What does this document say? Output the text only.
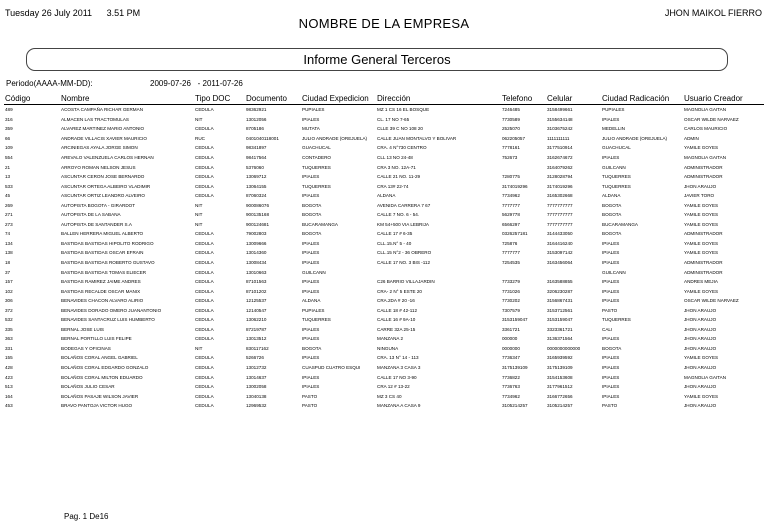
Tuesday 26 July 2011 3.51 PM
NOMBRE DE LA EMPRESA
JHON MAIKOL FIERRO
Informe General Terceros
Periodo(AAAA-MM-DD):	2009-07-26 - 2011-07-26
Código	Nombre	Tipo DOC	Documento	Ciudad Expedicion	Dirección	Telefono	Celular	Ciudad Radicación	Usuario Creador
489	ACOSTA CAMPAÑA RICHAR GERMAN	CEDULA	98362921	PUPIALES	MZ 1 CS 16 EL BOSQUE	7246485	3158499661	PUPIALES	MAGNOLIA GAITAN
316	ALMACEN LAS TRACTOMULAS	NIT	13012056	IPIALES	CL. 17 NO 7-65	7730589	3155634148	IPIALES	OSCAR WILDE NARVAEZ
359	ALVAREZ MARTINEZ MARIO ANTONIO	CEDULA	8705186	MUTATA	CLLE 39 C NO 108 20	2525070	3103675242	MEDELLIN	CARLOS MAURICIO
66	ANDRADE VILLACIS XAVIER MAURICIO	RUC	0401040118001	JULIO ANDRADE (OREJUELA)	CALLE JUAN MONTALVO Y BOLIVAR	062205057	1111111111	JULIO ANDRADE (OREJUELA)	ADMIN
109	ARCINIEGAS AYALA JORGE SIMON	CEDULA	98341897	GUACHUCAL	CRA. 4 N°730 CENTRO	7778161	3177510914	GUACHUCAL	YAMILE GOYES
554	AREVALO VALENZUELA CARLOS HERNAN	CEDULA	98417564	CONTADERO	CLL 13 NO 24-48	752673	3162674672	IPIALES	MAGNOLIA GAITAN
21	ARROYO ROMAN NELSON JESUS	CEDULA	5376060	TUQUERRES	CRA 3 NO. 12A-71		3164079262	GUILCANN	ADMINISTRADOR
13	ASCUNTAR CERON JOSE BERNARDO	CEDULA	13069712	IPIALES	CALLE 21 NO. 11-29	7280775	3128028794	TUQUERRES	ADMINISTRADOR
533	ASCUNTAR ORTEGA ALBEIRO VLADIMIR	CEDULA	13064155	TUQUERRES	CRA 13# 22-74	3174019296	3174019296	TUQUERRES	JHON ARAUJO
45	ASCUNTAR ORTIZ LEANDRO ALVEIRO	CEDULA	87060324	IPIALES	ALDANA	7734962	3165302668	ALDANA	JAVIER TORO
269	AUTOPISTA BOGOTA - GIRARDOT	NIT	900086076	BOGOTA	AVENIDA CARRERA 7 67	7777777	7777777777	BOGOTA	YAMILE GOYES
271	AUTOPISTA DE LA SABANA	NIT	900135168	BOGOTA	CALLE 7 NO. 6 - 54.	5629778	7777777777	BOGOTA	YAMILE GOYES
273	AUTOPISTA DE SANTANDER S.A	NIT	900124681	BUCARAMANGA	KM 54+500 VIA LEBRIJA	6566297	7777777777	BUCARAMANGA	YAMILE GOYES
74	BALLEN HERRERA MIGUEL ALBERTO	CEDULA	79002803	BOGOTA	CALLE 17 # 6-35	0326257181	3144433050	BOGOTA	ADMINISTRADOR
134	BASTIDAS BASTIDAS HIPOLITO RODRIGO	CEDULA	13009666	IPIALES	CLL.15.N° 5 - 40	725876	3164416240	IPIALES	YAMILE GOYES
138	BASTIDAS BASTIDAS OSCAR EFRAIN	CEDULA	13014360	IPIALES	CLL.15 N°2 - 36 OBRERO	7777777	3153097142	IPIALES	YAMILE GOYES
18	BASTIDAS BASTIDAS ROBERTO GUSTAVO	CEDULA	13008434	IPIALES	CALLE 17 NO. 3 BIS -112	7254535	3163456064	IPIALES	ADMINISTRADOR
37	BASTIDAS BASTIDAS TOMAS ELIECER	CEDULA	13010663	GUILCANN				GUILCANN	ADMINISTRADOR
157	BASTIDAS RAMIREZ JAIME ANDRES	CEDULA	87101563	IPIALES	C26 BARRIO VILLAJARDIN	7733279	3163588855	IPIALES	ANDRES MEJIA
102	BASTIDAS RECALDE OSCAR MANIX	CEDULA	87101202	IPIALES	CRA- 2 N° 5 ESTE 20	7731026	3206230287	IPIALES	YAMILE GOYES
306	BENAVIDES CHACON ALVARO ALIRIO	CEDULA	12125537	ALDANA	CRA.2DA # 20 -16	7730202	3156867431	IPIALES	OSCAR WILDE NARVAEZ
372	BENAVIDES DORADO OMERO JUANANTONIO	CEDULA	12140547	PUPIALES	CALLE 18 # 42-112	7307579	3153712561	PASTO	JHON ARAUJO
532	BENAVIDES SANTACRUZ LUIS HUMBERTO	CEDULA	13062210	TUQUERRES	CALLE 16 # 9A-10	3153159047	3153159047	TUQUERRES	JHON ARAUJO
335	BERNAL JOSE LUIS	CEDULA	87219787	IPIALES	CARRE 32A 25-15	3361721	3323361721	CALI	JHON ARAUJO
363	BERNAL PORTILLO LUIS FELIPE	CEDULA	13013512	IPIALES	MANZANA 2	000000	3136371564	IPIALES	JHON ARAUJO
331	BODEGAS Y OFICINAS	NIT	830117162	BOGOTA	NINGUNA	0000000	0000000000000	BOGOTA	JHON ARAUJO
155	BOLAÑOS CORAL ANGEL GABRIEL	CEDULA	5266726	IPIALES	CRA. 13 N° 14 - 113	7736347	3165939592	IPIALES	YAMILE GOYES
428	BOLAÑOS CORAL EDGARDO GONZALO	CEDULA	13012732	CUASPUD CUATRO ESQUI	MANZANA 3 CASA 3	3175139109	3175139109	IPIALES	JHON ARAUJO
423	BOLAÑOS CORAL MILTON EDUARDO	CEDULA	13014637	IPIALES	CALLE 17 NO 3-90	7736822	3154153608	IPIALES	MAGNOLIA GAITAN
513	BOLAÑOS JULIO CESAR	CEDULA	13002058	IPIALES	CRA 12 # 13-22	7736763	3177961512	IPIALES	JHON ARAUJO
164	BOLAÑOS PASAJE WILSON JAVIER	CEDULA	13040138	PASTO	MZ 3 CS 40	7734962	3166772656	IPIALES	YAMILE GOYES
453	BRAVO PANTOJA VICTOR HUGO	CEDULA	12969532	PASTO	MANZANA A CASA 9	3105214257	3105214257	PASTO	JHON ARAUJO
Pag. 1 De16
